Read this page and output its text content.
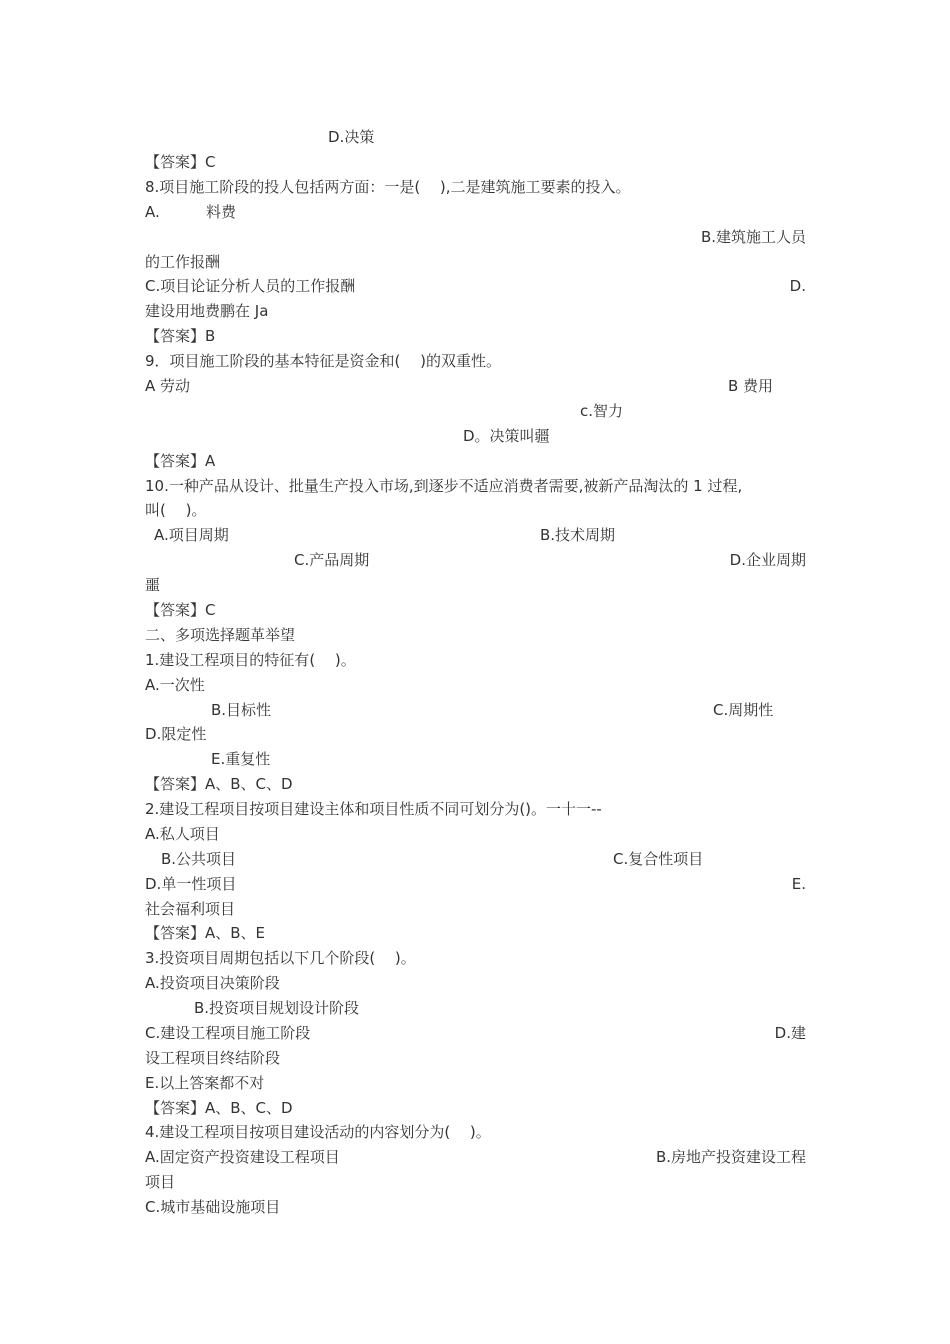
D.决策
【答案】C
8.项目施工阶段的投人包括两方面：一是(　 ),二是建筑施工要素的投入。
A.	料费
B.建筑施工人员
的工作报酬
C.项目论证分析人员的工作报酬	D.
建设用地费鹏在 Ja
【答案】B
9．项目施工阶段的基本特征是资金和(　 )的双重性。
A 劳动	B 费用
c.智力
D。决策叫疆
【答案】A
10.一种产品从设计、批量生产投入市场,到逐步不适应消费者需要,被新产品淘汰的 1 过程,
叫(　 )。
A.项目周期	B.技术周期
C.产品周期	D.企业周期
噩
【答案】C
二、多项选择题革举望
1.建设工程项目的特征有(　 )。
A.一次性
B.目标性	C.周期性
D.限定性
E.重复性
【答案】A、B、C、D
2.建设工程项目按项目建设主体和项目性质不同可划分为()。一十一--
A.私人项目
B.公共项目	C.复合性项目
D.单一性项目	E.
社会福利项目
【答案】A、B、E
3.投资项目周期包括以下几个阶段(　 )。
A.投资项目决策阶段
B.投资项目规划设计阶段
C.建设工程项目施工阶段	D.建
设工程项目终结阶段
E.以上答案都不对
【答案】A、B、C、D
4.建设工程项目按项目建设活动的内容划分为(　 )。
A.固定资产投资建设工程项目	B.房地产投资建设工程
项目
C.城市基础设施项目
